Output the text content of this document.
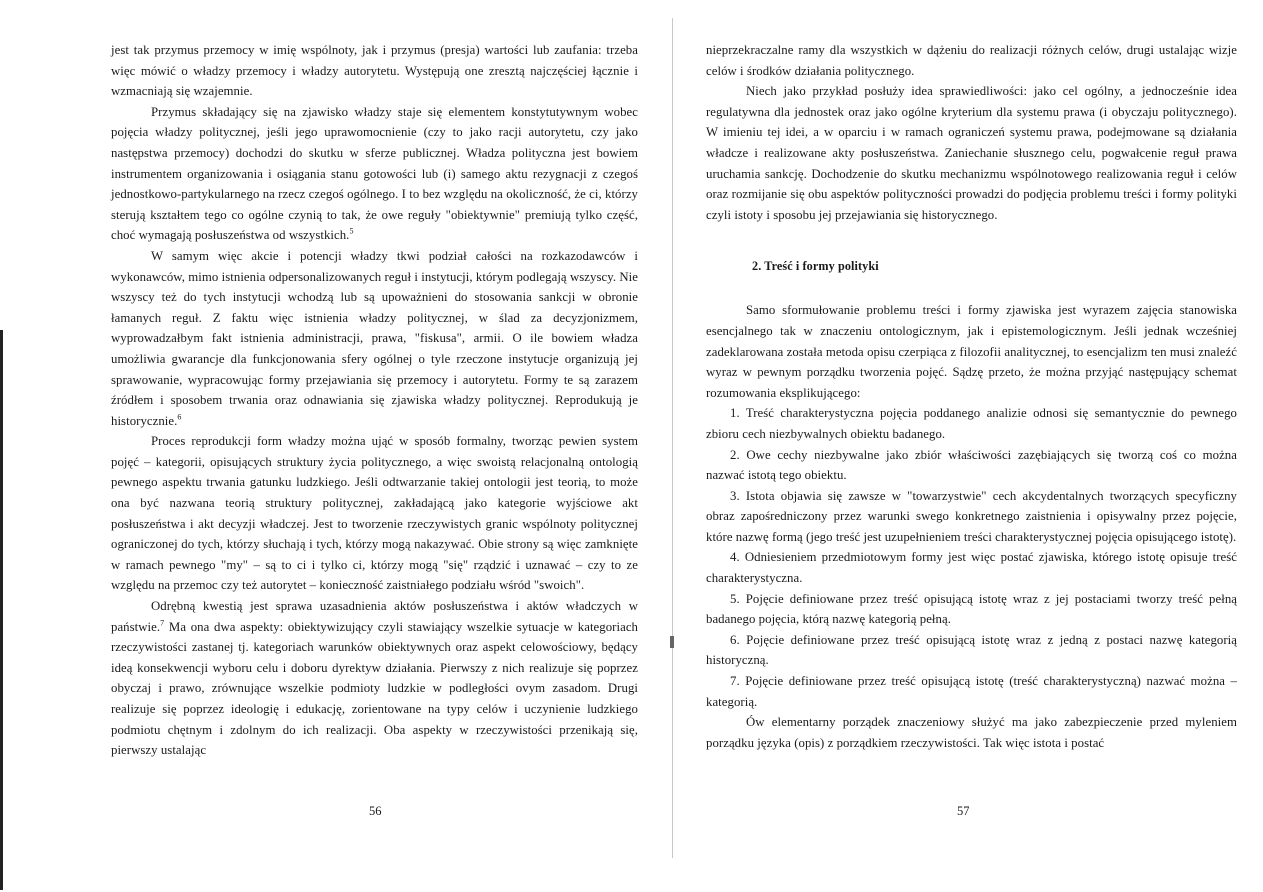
jest tak przymus przemocy w imię wspólnoty, jak i przymus (presja) wartości lub zaufania: trzeba więc mówić o władzy przemocy i władzy autorytetu. Występują one zresztą najczęściej łącznie i wzmacniają się wzajemnie.

Przymus składający się na zjawisko władzy staje się elementem konstytutywnym wobec pojęcia władzy politycznej, jeśli jego uprawomocnienie (czy to jako racji autorytetu, czy jako następstwa przemocy) dochodzi do skutku w sferze publicznej. Władza polityczna jest bowiem instrumentem organizowania i osiągania stanu gotowości lub (i) samego aktu rezygnacji z czegoś jednostkowo-partykularnego na rzecz czegoś ogólnego. I to bez względu na okoliczność, że ci, którzy sterują kształtem tego co ogólne czynią to tak, że owe reguły "obiektywnie" premiują tylko część, choć wymagają posłuszeństwa od wszystkich.$^5$

W samym więc akcie i potencji władzy tkwi podział całości na rozkazodawców i wykonawców, mimo istnienia odpersonalizowanych reguł i instytucji, którym podlegają wszyscy. Nie wszyscy też do tych instytucji wchodzą lub są upoważnieni do stosowania sankcji w obronie łamanych reguł. Z faktu więc istnienia władzy politycznej, w ślad za decyzjonizmem, wyprowadzałbym fakt istnienia administracji, prawa, "fiskusa", armii. O ile bowiem władza umożliwia gwarancje dla funkcjonowania sfery ogólnej o tyle rzeczone instytucje organizują jej sprawowanie, wypracowując formy przejawiania się przemocy i autorytetu. Formy te są zarazem źródłem i sposobem trwania oraz odnawiania się zjawiska władzy politycznej. Reprodukują je historycznie.$^6$

Proces reprodukcji form władzy można ująć w sposób formalny, tworząc pewien system pojęć – kategorii, opisujących struktury życia politycznego, a więc swoistą relacjonalną ontologią pewnego aspektu trwania gatunku ludzkiego. Jeśli odtwarzanie takiej ontologii jest teorią, to może ona być nazwana teorią struktury politycznej, zakładającą jako kategorie wyjściowe akt posłuszeństwa i akt decyzji władczej. Jest to tworzenie rzeczywistych granic wspólnoty politycznej ograniczonej do tych, którzy słuchają i tych, którzy mogą nakazywać. Obie strony są więc zamknięte w ramach pewnego "my" – są to ci i tylko ci, którzy mogą "się" rządzić i uznawać – czy to ze względu na przemoc czy też autorytet – konieczność zaistniałego podziału wśród "swoich".

Odrębną kwestią jest sprawa uzasadnienia aktów posłuszeństwa i aktów władczych w państwie.$^7$ Ma ona dwa aspekty: obiektywizujący czyli stawiający wszelkie sytuacje w kategoriach rzeczywistości zastanej tj. kategoriach warunków obiektywnych oraz aspekt celowościowy, będący ideą konsekwencji wyboru celu i doboru dyrektyw działania. Pierwszy z nich realizuje się poprzez obyczaj i prawo, zrównujące wszelkie podmioty ludzkie w podległości ovym zasadom. Drugi realizuje się poprzez ideologię i edukację, zorientowane na typy celów i uczynienie ludzkiego podmiotu chętnym i zdolnym do ich realizacji. Oba aspekty w rzeczywistości przenikają się, pierwszy ustalając

56

nieprzekraczalne ramy dla wszystkich w dążeniu do realizacji różnych celów, drugi ustalając wizje celów i środków działania politycznego.

Niech jako przykład posłuży idea sprawiedliwości: jako cel ogólny, a jednocześnie idea regulatywna dla jednostek oraz jako ogólne kryterium dla systemu prawa (i obyczaju politycznego). W imieniu tej idei, a w oparciu i w ramach ograniczeń systemu prawa, podejmowane są działania władcze i realizowane akty posłuszeństwa. Zaniechanie słusznego celu, pogwałcenie reguł prawa uruchamia sankcję. Dochodzenie do skutku mechanizmu wspólnotowego realizowania reguł i celów oraz rozmijanie się obu aspektów polityczności prowadzi do podjęcia problemu treści i formy polityki czyli istoty i sposobu jej przejawiania się historycznego.

2. Treść i formy polityki

Samo sformułowanie problemu treści i formy zjawiska jest wyrazem zajęcia stanowiska esencjalnego tak w znaczeniu ontologicznym, jak i epistemologicznym. Jeśli jednak wcześniej zadeklarowana została metoda opisu czerpiąca z filozofii analitycznej, to esencjalizm ten musi znaleźć wyraz w pewnym porządku tworzenia pojęć. Sądzę przeto, że można przyjąć następujący schemat rozumowania eksplikującego:

1. Treść charakterystyczna pojęcia poddanego analizie odnosi się semantycznie do pewnego zbioru cech niezbywalnych obiektu badanego.

2. Owe cechy niezbywalne jako zbiór właściwości zazębiających się tworzą coś co można nazwać istotą tego obiektu.

3. Istota objawia się zawsze w "towarzystwie" cech akcydentalnych tworzących specyficzny obraz zapośredniczony przez warunki swego konkretnego zaistnienia i opisywalny przez pojęcie, które nazwę formą (jego treść jest uzupełnieniem treści charakterystycznej pojęcia opisującego istotę).

4. Odniesieniem przedmiotowym formy jest więc postać zjawiska, którego istotę opisuje treść charakterystyczna.

5. Pojęcie definiowane przez treść opisującą istotę wraz z jej postaciami tworzy treść pełną badanego pojęcia, którą nazwę kategorią pełną.

6. Pojęcie definiowane przez treść opisującą istotę wraz z jedną z postaci nazwę kategorią historyczną.

7. Pojęcie definiowane przez treść opisującą istotę (treść charakterystyczną) nazwać można – kategorią.

Ów elementarny porządek znaczeniowy służyć ma jako zabezpieczenie przed myleniem porządku języka (opis) z porządkiem rzeczywistości. Tak więc istota i postać

57
